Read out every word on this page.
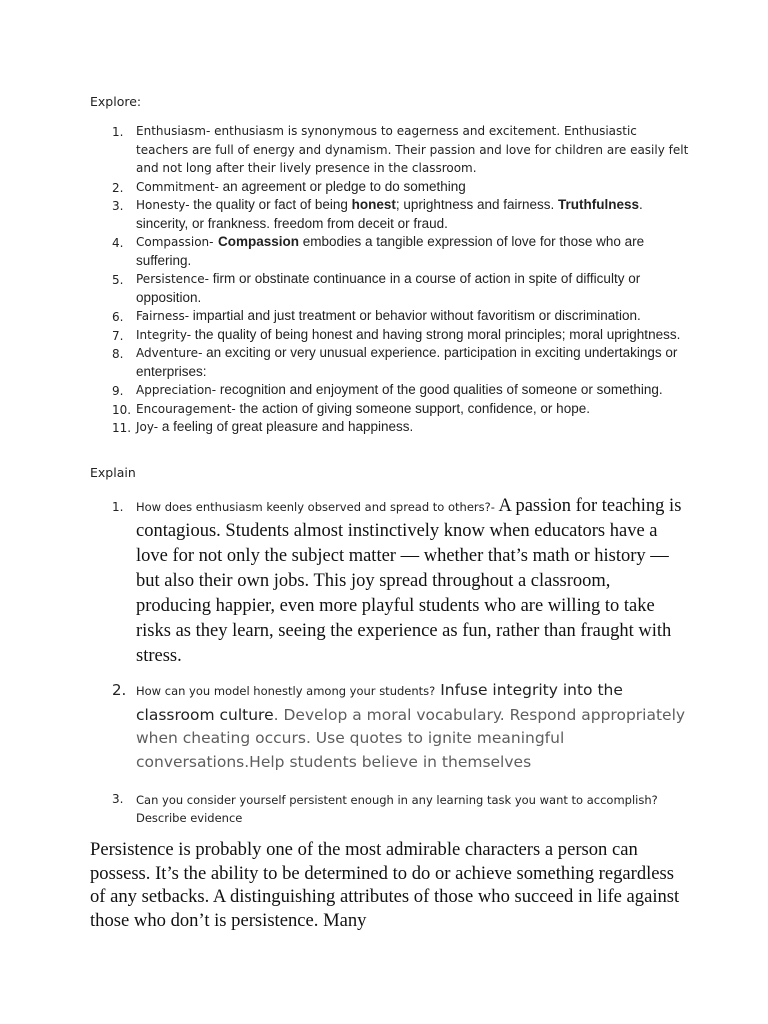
Explore:
1. Enthusiasm- enthusiasm is synonymous to eagerness and excitement. Enthusiastic teachers are full of energy and dynamism. Their passion and love for children are easily felt and not long after their lively presence in the classroom.
2. Commitment- an agreement or pledge to do something
3. Honesty- the quality or fact of being honest; uprightness and fairness. Truthfulness. sincerity, or frankness. freedom from deceit or fraud.
4. Compassion- Compassion embodies a tangible expression of love for those who are suffering.
5. Persistence- firm or obstinate continuance in a course of action in spite of difficulty or opposition.
6. Fairness- impartial and just treatment or behavior without favoritism or discrimination.
7. Integrity- the quality of being honest and having strong moral principles; moral uprightness.
8. Adventure- an exciting or very unusual experience. participation in exciting undertakings or enterprises:
9. Appreciation- recognition and enjoyment of the good qualities of someone or something.
10. Encouragement- the action of giving someone support, confidence, or hope.
11. Joy- a feeling of great pleasure and happiness.
Explain
1. How does enthusiasm keenly observed and spread to others?- A passion for teaching is contagious. Students almost instinctively know when educators have a love for not only the subject matter — whether that’s math or history — but also their own jobs. This joy spread throughout a classroom, producing happier, even more playful students who are willing to take risks as they learn, seeing the experience as fun, rather than fraught with stress.
2. How can you model honestly among your students? Infuse integrity into the classroom culture. Develop a moral vocabulary. Respond appropriately when cheating occurs. Use quotes to ignite meaningful conversations.Help students believe in themselves
3. Can you consider yourself persistent enough in any learning task you want to accomplish? Describe evidence
Persistence is probably one of the most admirable characters a person can possess. It’s the ability to be determined to do or achieve something regardless of any setbacks. A distinguishing attributes of those who succeed in life against those who don’t is persistence. Many
